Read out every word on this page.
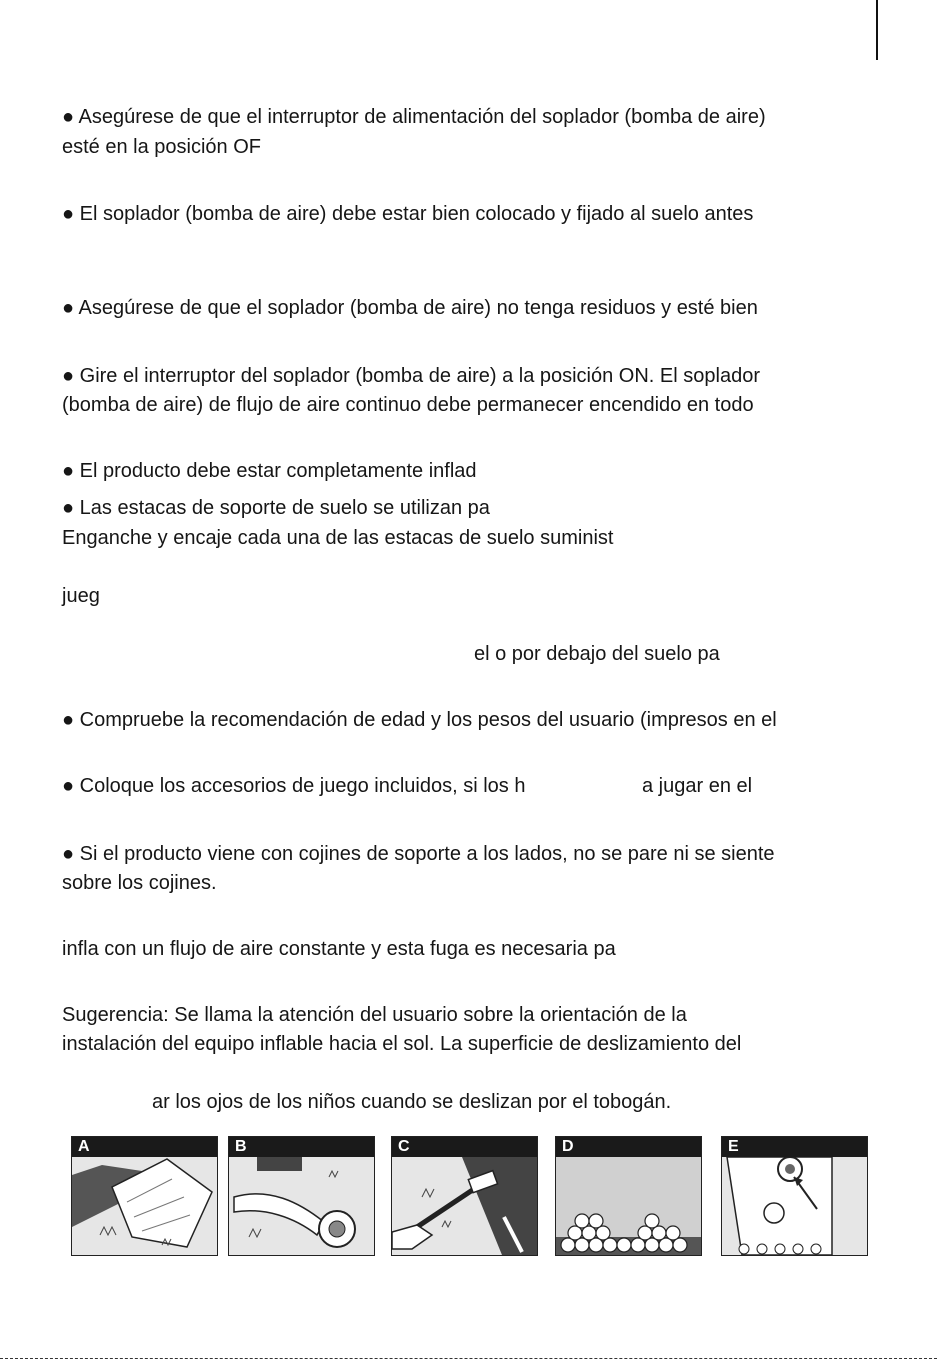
● Asegúrese de que el interruptor de alimentación del soplador (bomba de aire)
esté en la posición OF
● El soplador (bomba de aire) debe estar bien colocado y fijado al suelo antes
● Asegúrese de que el soplador (bomba de aire) no tenga residuos y esté bien
● Gire el interruptor del soplador (bomba de aire) a la posición ON. El soplador
(bomba de aire) de flujo de aire continuo debe permanecer encendido en todo
● El producto debe estar completamente inflad
● Las estacas de soporte de suelo se utilizan pa
Enganche y encaje cada una de las estacas de suelo suminist
jueg
el o por debajo del suelo pa
● Compruebe la recomendación de edad y los pesos del usuario (impresos en el
● Coloque los accesorios de juego incluidos, si los h	a jugar en el
● Si el producto viene con cojines de soporte a los lados, no se pare ni se siente
sobre los cojines.
infla con un flujo de aire constante y esta fuga es necesaria pa
Sugerencia: Se llama la atención del usuario sobre la orientación de la
instalación del equipo inflable hacia el sol. La superficie de deslizamiento del
ar los ojos de los niños cuando se deslizan por el tobogán.
A	B	C	D	E
